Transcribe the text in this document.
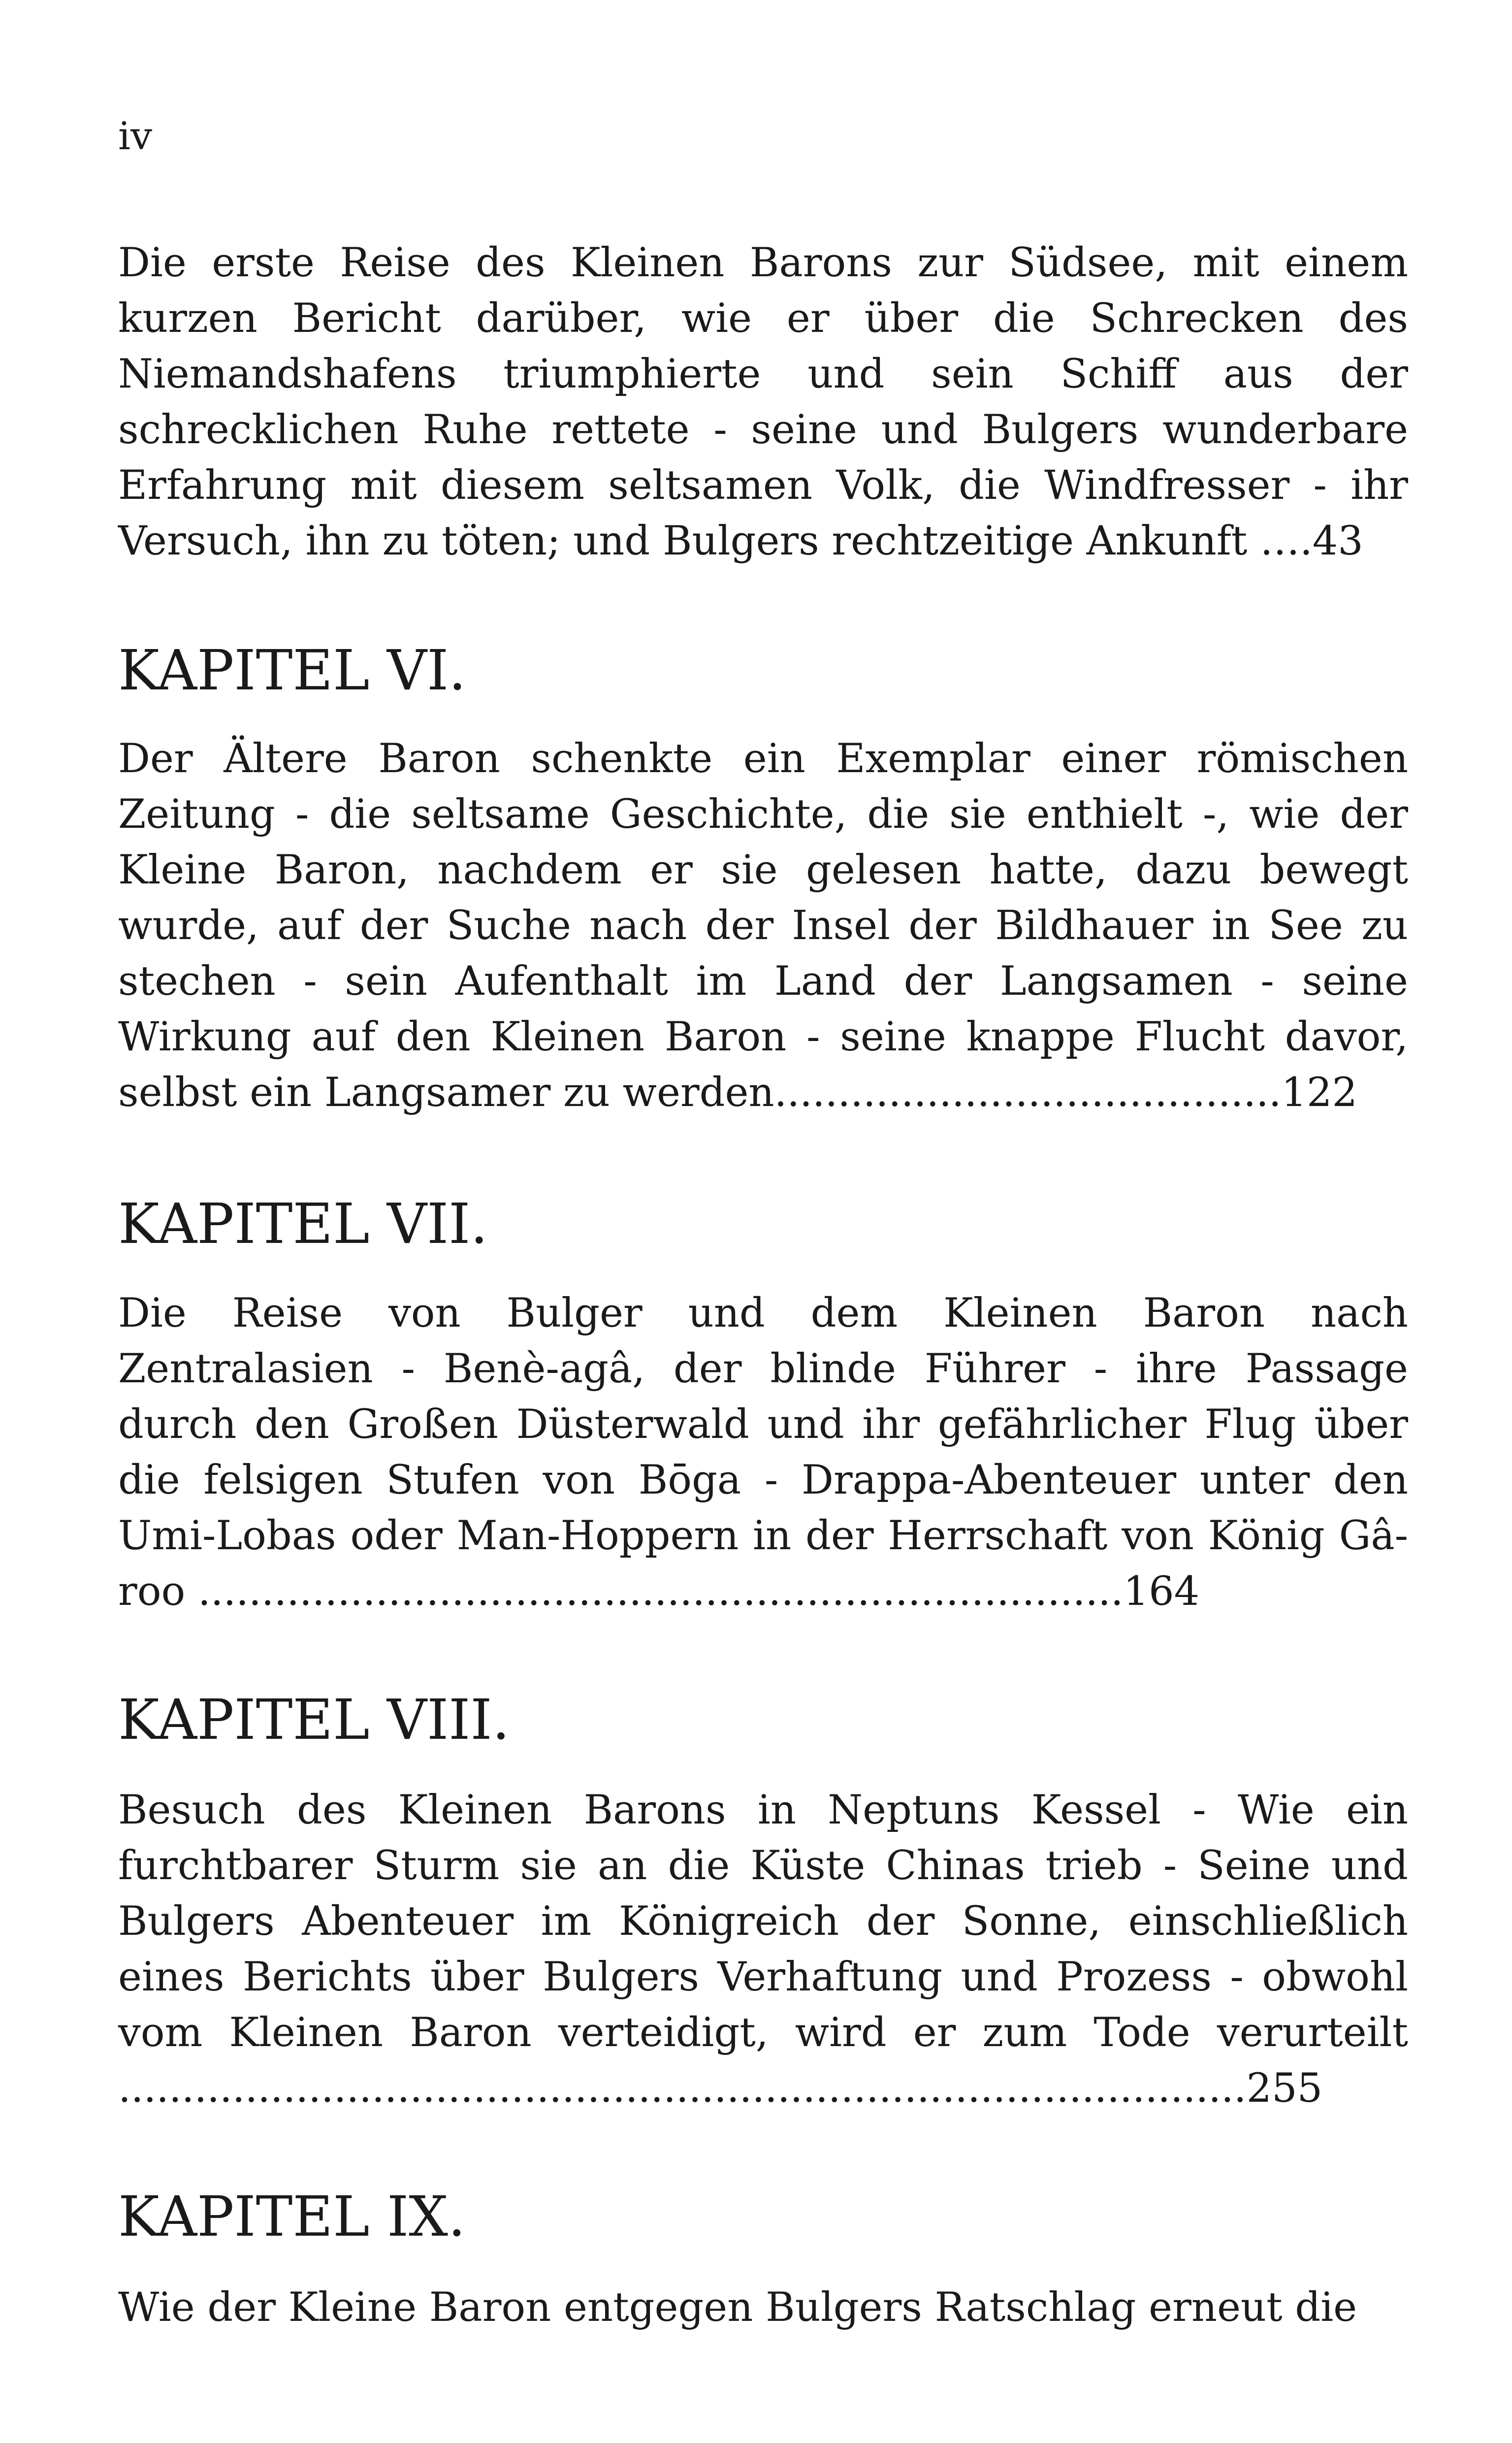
iv

Die erste Reise des Kleinen Barons zur Südsee, mit einem kurzen Bericht darüber, wie er über die Schrecken des Niemandshafens triumphierte und sein Schiff aus der schrecklichen Ruhe rettete - seine und Bulgers wunderbare Erfahrung mit diesem seltsamen Volk, die Windfresser - ihr Versuch, ihn zu töten; und Bulgers rechtzeitige Ankunft ….43

KAPITEL VI.

Der Ältere Baron schenkte ein Exemplar einer römischen Zeitung - die seltsame Geschichte, die sie enthielt -, wie der Kleine Baron, nachdem er sie gelesen hatte, dazu bewegt wurde, auf der Suche nach der Insel der Bildhauer in See zu stechen - sein Aufenthalt im Land der Langsamen - seine Wirkung auf den Kleinen Baron - seine knappe Flucht davor, selbst ein Langsamer zu werden........................................122

KAPITEL VII.

Die Reise von Bulger und dem Kleinen Baron nach Zentralasien - Benè-agâ, der blinde Führer - ihre Passage durch den Großen Düsterwald und ihr gefährlicher Flug über die felsigen Stufen von Bōga - Drappa-Abenteuer unter den Umi-Lobas oder Man-Hoppern in der Herrschaft von König Gâ-roo .........................................................................164

KAPITEL VIII.

Besuch des Kleinen Barons in Neptuns Kessel - Wie ein furchtbarer Sturm sie an die Küste Chinas trieb - Seine und Bulgers Abenteuer im Königreich der Sonne, einschließlich eines Berichts über Bulgers Verhaftung und Prozess - obwohl vom Kleinen Baron verteidigt, wird er zum Tode verurteilt .........................................................................................255

KAPITEL IX.

Wie der Kleine Baron entgegen Bulgers Ratschlag erneut die
